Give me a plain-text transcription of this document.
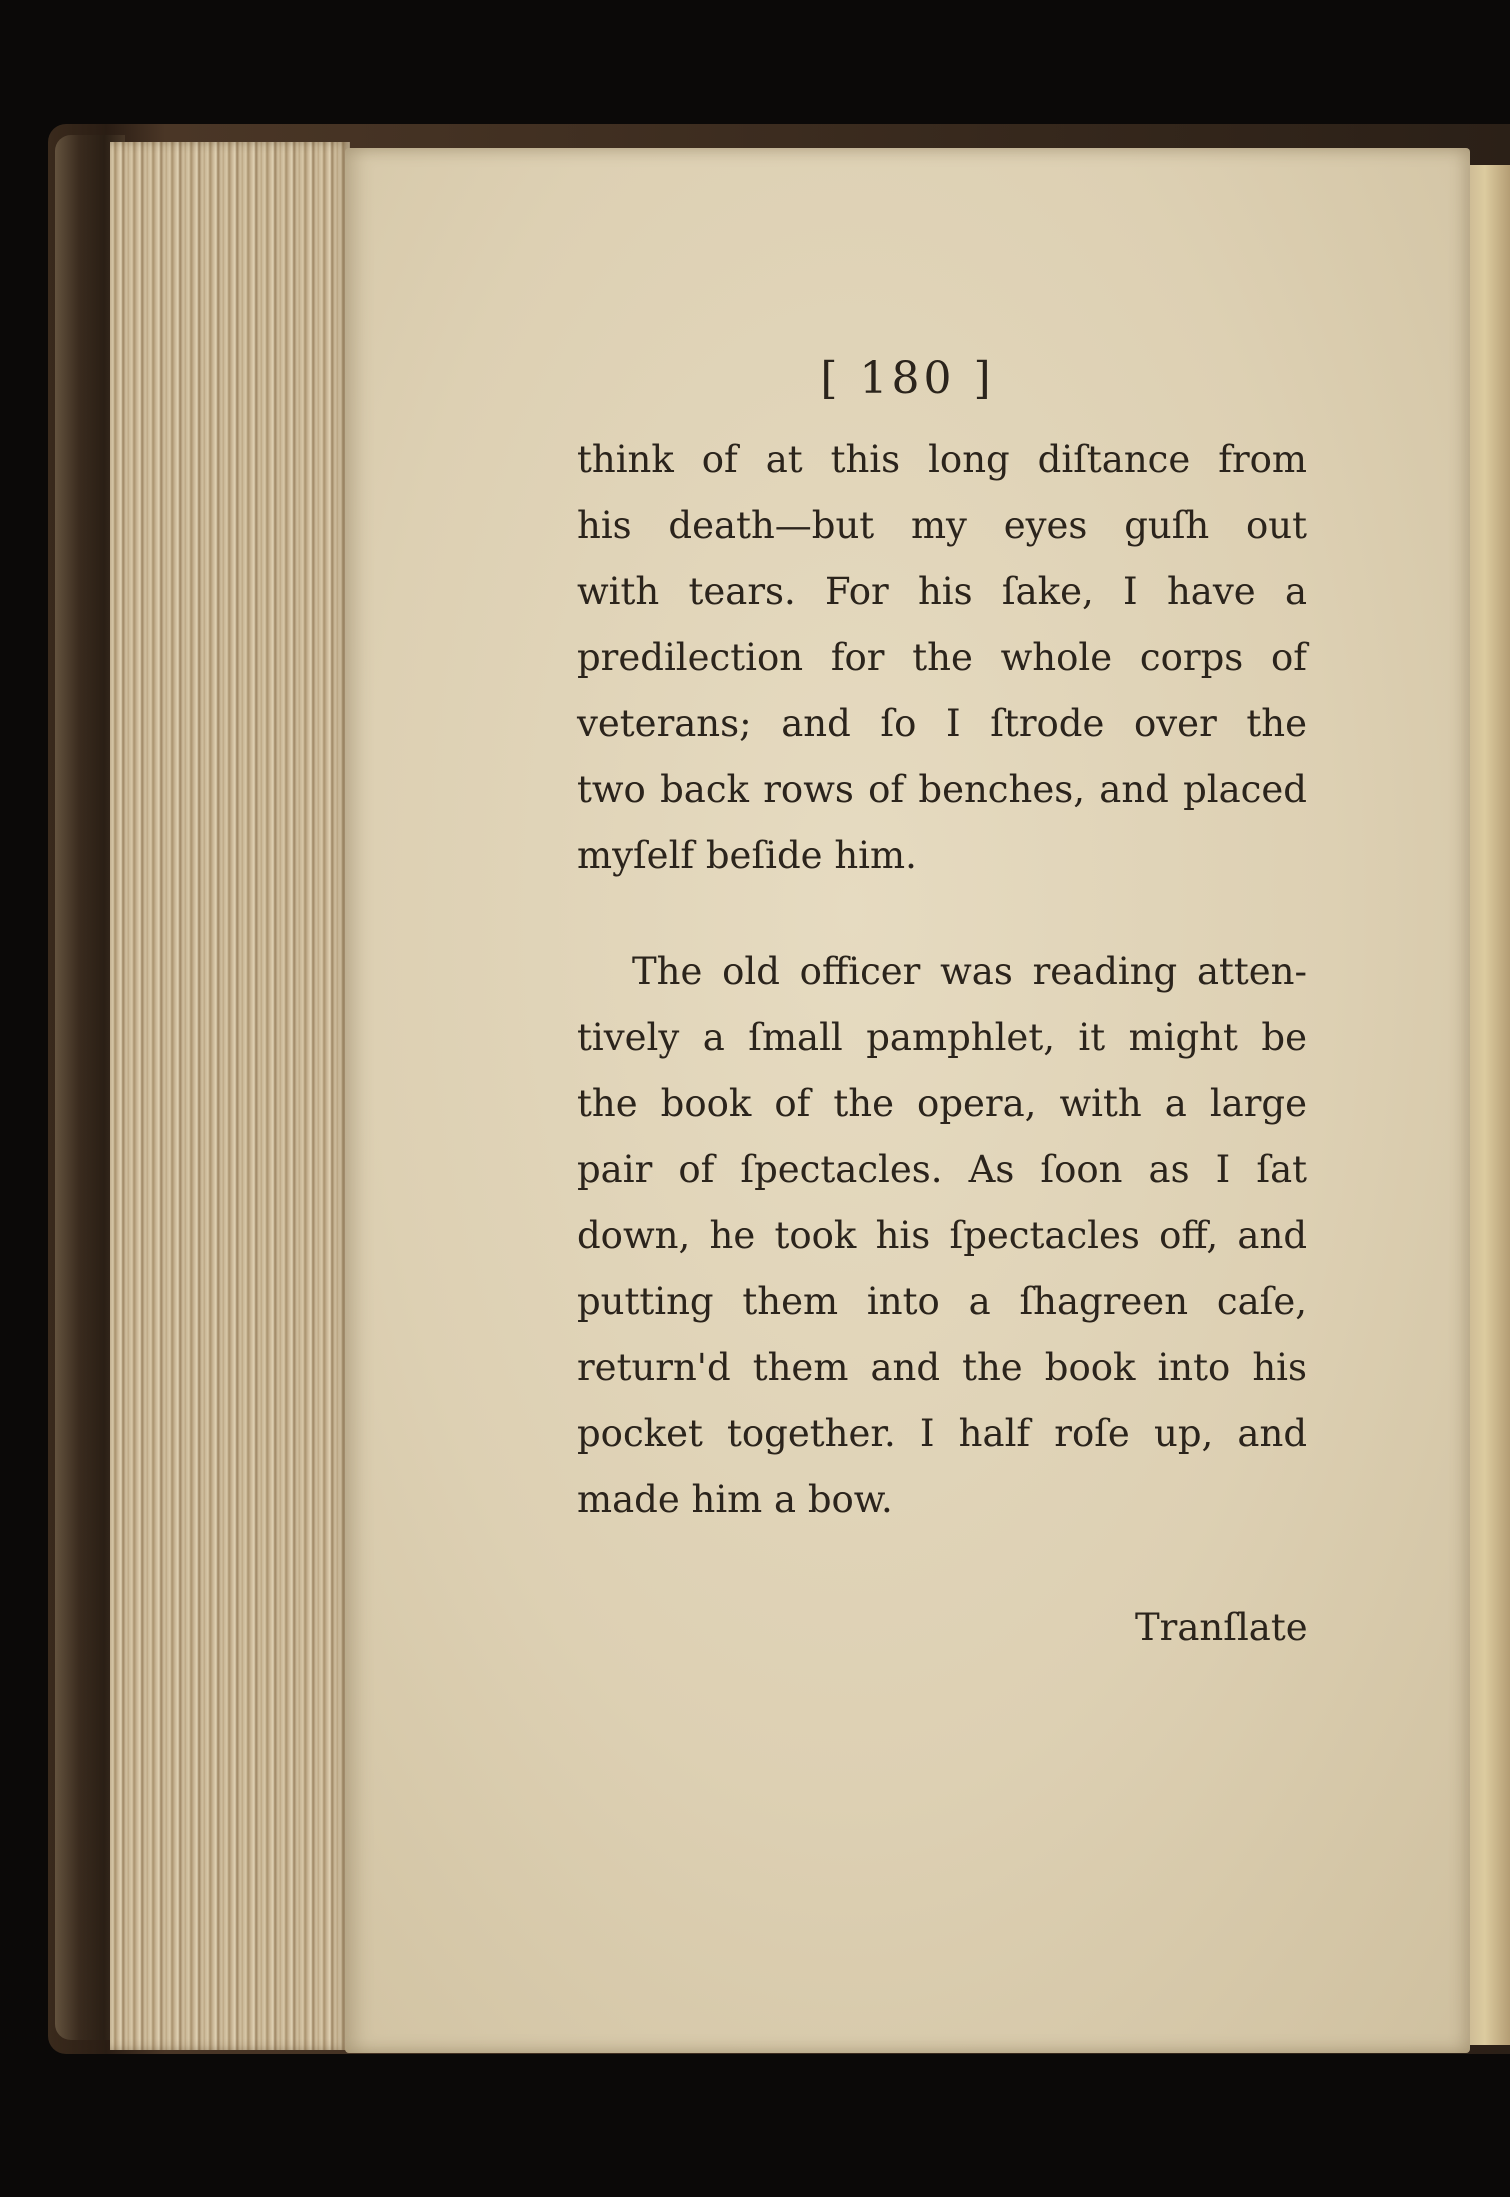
[ 180 ]
think of at this long diſtance from
his death—but my eyes guſh out
with tears. For his ſake, I have a
predilection for the whole corps of
veterans; and ſo I ſtrode over the
two back rows of benches, and placed
myſelf beſide him.
The old officer was reading atten-
tively a ſmall pamphlet, it might be
the book of the opera, with a large
pair of ſpectacles. As ſoon as I ſat
down, he took his ſpectacles off, and
putting them into a ſhagreen caſe,
return'd them and the book into his
pocket together. I half roſe up, and
made him a bow.
Tranſlate
